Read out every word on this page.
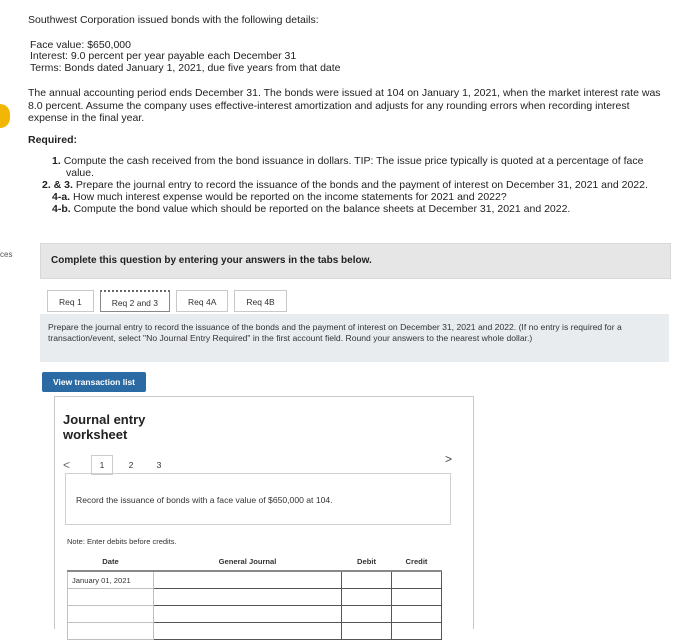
ces

Southwest Corporation issued bonds with the following details:

Face value: $650,000
Interest: 9.0 percent per year payable each December 31
Terms: Bonds dated January 1, 2021, due five years from that date

The annual accounting period ends December 31. The bonds were issued at 104 on January 1, 2021, when the market interest rate was
8.0 percent. Assume the company uses effective-interest amortization and adjusts for any rounding errors when recording interest
expense in the final year.

Required:

1. Compute the cash received from the bond issuance in dollars. TIP: The issue price typically is quoted at a percentage of face
value.
2. & 3. Prepare the journal entry to record the issuance of the bonds and the payment of interest on December 31, 2021 and 2022.
4-a. How much interest expense would be reported on the income statements for 2021 and 2022?
4-b. Compute the bond value which should be reported on the balance sheets at December 31, 2021 and 2022.
Complete this question by entering your answers in the tabs below.
Req 1	Req 2 and 3	Req 4A	Req 4B
Prepare the journal entry to record the issuance of the bonds and the payment of interest on December 31, 2021 and 2022. (If no entry is required for a transaction/event, select "No Journal Entry Required" in the first account field. Round your answers to the nearest whole dollar.)
View transaction list
Journal entry worksheet
<	1	2	3	>
Record the issuance of bonds with a face value of $650,000 at 104.
Note: Enter debits before credits.
Date	General Journal	Debit	Credit
January 01, 2021			
